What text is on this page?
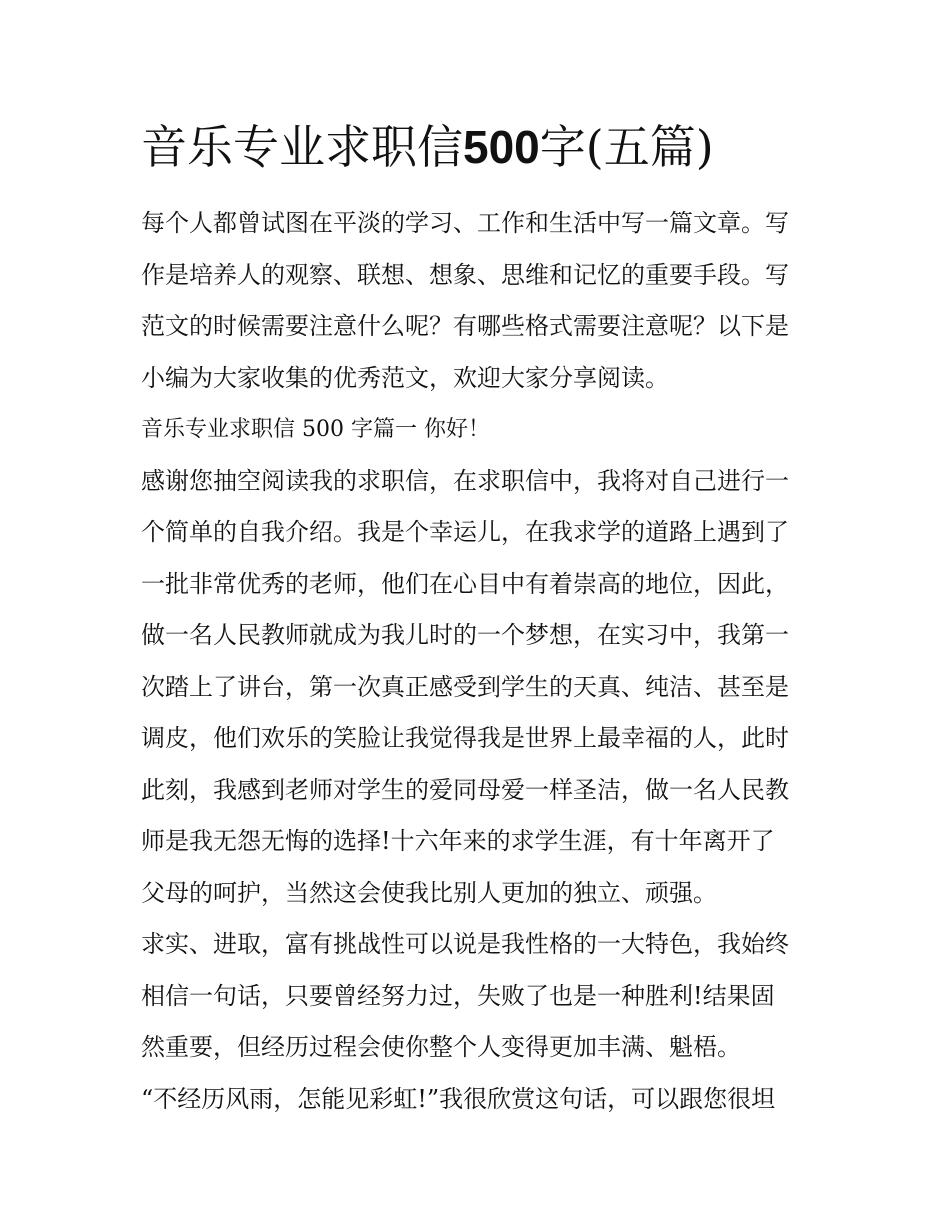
音乐专业求职信500字(五篇)
每个人都曾试图在平淡的学习、工作和生活中写一篇文章。写
作是培养人的观察、联想、想象、思维和记忆的重要手段。写
范文的时候需要注意什么呢？有哪些格式需要注意呢？以下是
小编为大家收集的优秀范文，欢迎大家分享阅读。
音乐专业求职信 500 字篇一 你好！
感谢您抽空阅读我的求职信，在求职信中，我将对自己进行一
个简单的自我介绍。我是个幸运儿，在我求学的道路上遇到了
一批非常优秀的老师，他们在心目中有着崇高的地位，因此，
做一名人民教师就成为我儿时的一个梦想，在实习中，我第一
次踏上了讲台，第一次真正感受到学生的天真、纯洁、甚至是
调皮，他们欢乐的笑脸让我觉得我是世界上最幸福的人，此时
此刻，我感到老师对学生的爱同母爱一样圣洁，做一名人民教
师是我无怨无悔的选择!十六年来的求学生涯，有十年离开了
父母的呵护，当然这会使我比别人更加的独立、顽强。
求实、进取，富有挑战性可以说是我性格的一大特色，我始终
相信一句话，只要曾经努力过，失败了也是一种胜利!结果固
然重要，但经历过程会使你整个人变得更加丰满、魁梧。
“不经历风雨，怎能见彩虹!”我很欣赏这句话，可以跟您很坦
